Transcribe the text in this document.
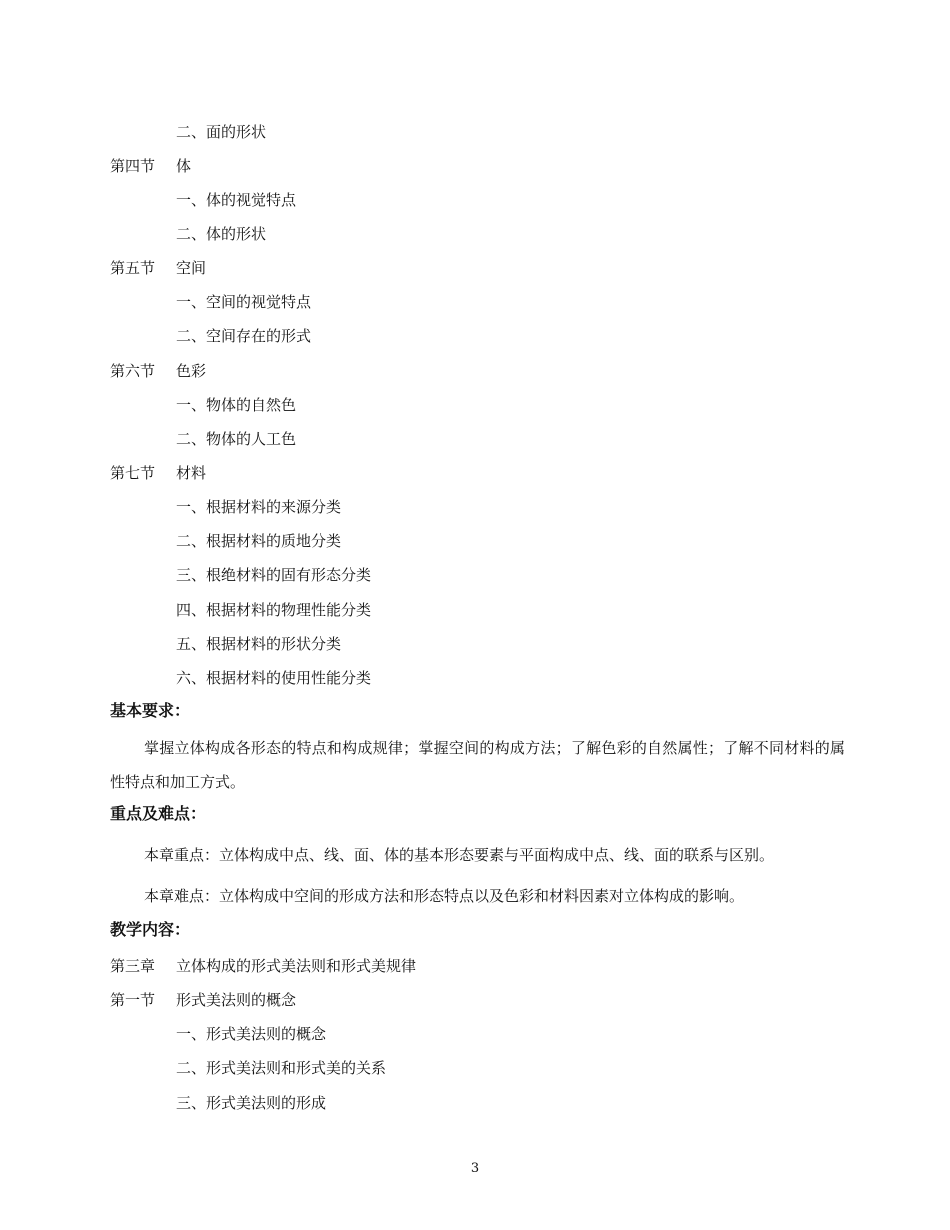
二、面的形状
第四节 体
一、体的视觉特点
二、体的形状
第五节 空间
一、空间的视觉特点
二、空间存在的形式
第六节 色彩
一、物体的自然色
二、物体的人工色
第七节 材料
一、根据材料的来源分类
二、根据材料的质地分类
三、根绝材料的固有形态分类
四、根据材料的物理性能分类
五、根据材料的形状分类
六、根据材料的使用性能分类
基本要求：
掌握立体构成各形态的特点和构成规律；掌握空间的构成方法；了解色彩的自然属性；了解不同材料的属性特点和加工方式。
重点及难点：
本章重点：立体构成中点、线、面、体的基本形态要素与平面构成中点、线、面的联系与区别。
本章难点：立体构成中空间的形成方法和形态特点以及色彩和材料因素对立体构成的影响。
教学内容：
第三章 立体构成的形式美法则和形式美规律
第一节 形式美法则的概念
一、形式美法则的概念
二、形式美法则和形式美的关系
三、形式美法则的形成
3
